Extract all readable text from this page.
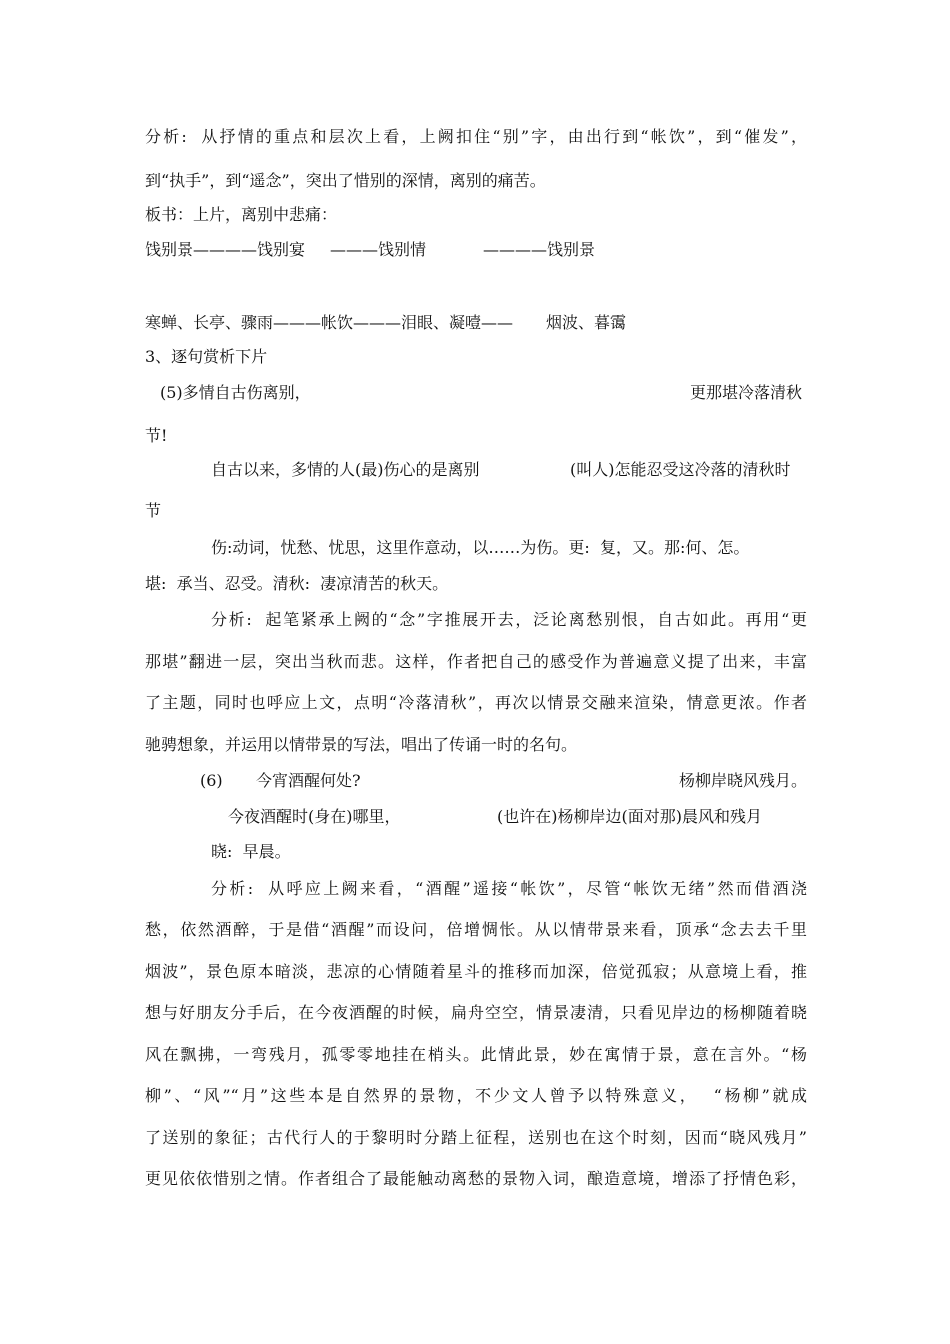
分析:  从抒情的重点和层次上看，上阙扣住“别”字，由出行到“帐饮”，到“催发”，
到“执手”，到“遥念”，突出了惜别的深情，离别的痛苦。
板书：上片，离别中悲痛：
饯别景————饯别宴 ———饯别情	————饯别景
寒蝉、长亭、骤雨———帐饮———泪眼、凝噎—— 烟波、暮霭
3、逐句赏析下片
(5)多情自古伤离别，	更那堪冷落清秋
节!
自古以来，多情的人(最)伤心的是离别	(叫人)怎能忍受这冷落的清秋时
节
伤:动词，忧愁、忧思，这里作意动，以……为伤。更:  复，又。那:何、怎。
堪:  承当、忍受。清秋:  凄凉清苦的秋天。
分析:  起笔紧承上阙的“念”字推展开去，泛论离愁别恨，自古如此。再用“更
那堪”翻进一层，突出当秋而悲。这样，作者把自己的感受作为普遍意义提了出来，丰富
了主题，同时也呼应上文，点明“冷落清秋”，再次以情景交融来渲染，情意更浓。作者
驰骋想象，并运用以情带景的写法，唱出了传诵一时的名句。
(6) 今宵酒醒何处?	杨柳岸晓风残月。
今夜酒醒时(身在)哪里，	(也许在)杨柳岸边(面对那)晨风和残月
晓:  早晨。
分析:  从呼应上阙来看，“酒醒”遥接“帐饮”，尽管“帐饮无绪”然而借酒浇
愁，依然酒醉，于是借“酒醒”而设问，倍增惆怅。从以情带景来看，顶承“念去去千里
烟波”，景色原本暗淡，悲凉的心情随着星斗的推移而加深，倍觉孤寂；从意境上看，推
想与好朋友分手后，在今夜酒醒的时候，扁舟空空，情景凄清，只看见岸边的杨柳随着晓
风在飘拂，一弯残月，孤零零地挂在梢头。此情此景，妙在寓情于景，意在言外。“杨
柳”、“风”“月”这些本是自然界的景物，不少文人曾予以特殊意义，  “杨柳”就成
了送别的象征；古代行人的于黎明时分踏上征程，送别也在这个时刻，因而“晓风残月”
更见依依惜别之情。作者组合了最能触动离愁的景物入词，酿造意境，增添了抒情色彩，
